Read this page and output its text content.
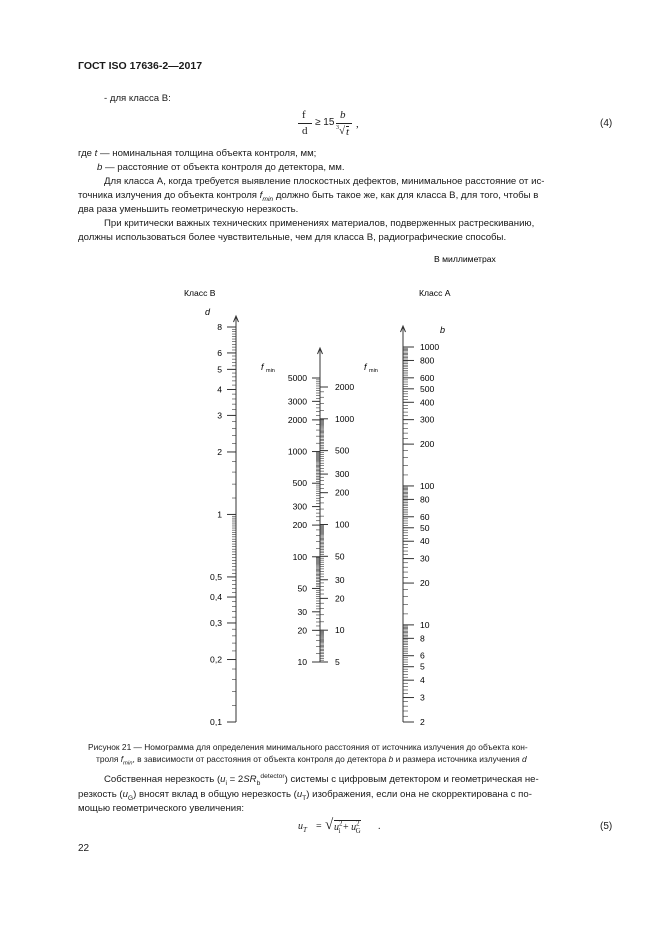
ГОСТ ISO 17636-2—2017
- для класса B:
f
d
≥ 15
b
3 √ t
,	(4)
где t — номинальная толщина объекта контроля, мм;
b — расстояние от объекта контроля до детектора, мм.
Для класса А, когда требуется выявление плоскостных дефектов, минимальное расстояние от ис-
точника излучения до объекта контроля $f_{min}$ должно быть такое же, как для класса В, для того, чтобы в
два раза уменьшить геометрическую нерезкость.
При критически важных технических применениях материалов, подверженных растрескиванию,
должны использоваться более чувствительные, чем для класса В, радиографические способы.
В миллиметрах
Класс B	Класс А
d
8
6
5
4
3
2
1
0,5
0,4
0,3
0,2
0,1
f min	f min
5000
3000
2000
1000
500
300
200
100
50
30
20
10
2000
1000
500
300
200
100
50
30
20
10
5
b
1000
800
600
500
400
300
200
100
80
60
50
40
30
20
10
8
6
5
4
3
2
Рисунок 21 — Номограмма для определения минимального расстояния от источника излучения до объекта кон-
троля $f_{min}$, в зависимости от расстояния от объекта контроля до детектора b и размера источника излучения d
Собственная нерезкость $(u_i = 2SR_b^{detector})$ системы с цифровым детектором и геометрическая не-
резкость $(u_G)$ вносят вклад в общую нерезкость $(u_T)$ изображения, если она не скорректирована с по-
мощью геометрического увеличения:
$u_T$ = √ $u^2_i + u^2_G$ .	(5)
22
